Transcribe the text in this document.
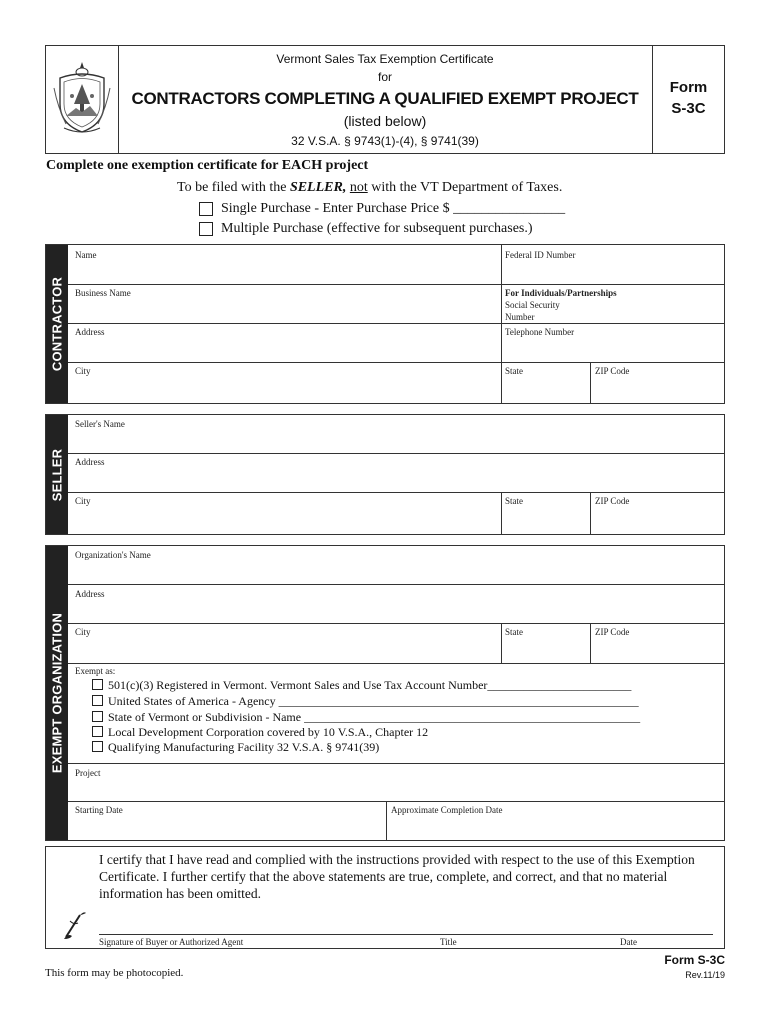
Vermont Sales Tax Exemption Certificate
for
CONTRACTORS COMPLETING A QUALIFIED EXEMPT PROJECT
(listed below)
32 V.S.A. § 9743(1)-(4), § 9741(39)
Form
S-3C
Complete one exemption certificate for EACH project
To be filed with the SELLER, not with the VT Department of Taxes.
Single Purchase - Enter Purchase Price $ ________________
Multiple Purchase (effective for subsequent purchases.)
CONTRACTOR
Name	Federal ID Number
Business Name	For Individuals/Partnerships
Social Security
Number
Address	Telephone Number
City	State	ZIP Code
SELLER
Seller's Name
Address
City	State	ZIP Code
EXEMPT ORGANIZATION
Organization's Name
Address
City	State	ZIP Code
Exempt as:
501(c)(3) Registered in Vermont. Vermont Sales and Use Tax Account Number________________________
United States of America - Agency ____________________________________________________________
State of Vermont or Subdivision - Name ________________________________________________________
Local Development Corporation covered by 10 V.S.A., Chapter 12
Qualifying Manufacturing Facility 32 V.S.A. § 9741(39)
Project
Starting Date	Approximate Completion Date
I certify that I have read and complied with the instructions provided with respect to the use of this Exemption Certificate. I further certify that the above statements are true, complete, and correct, and that no material information has been omitted.
Signature of Buyer or Authorized Agent	Title	Date
This form may be photocopied.
Form S-3C
Rev.11/19
